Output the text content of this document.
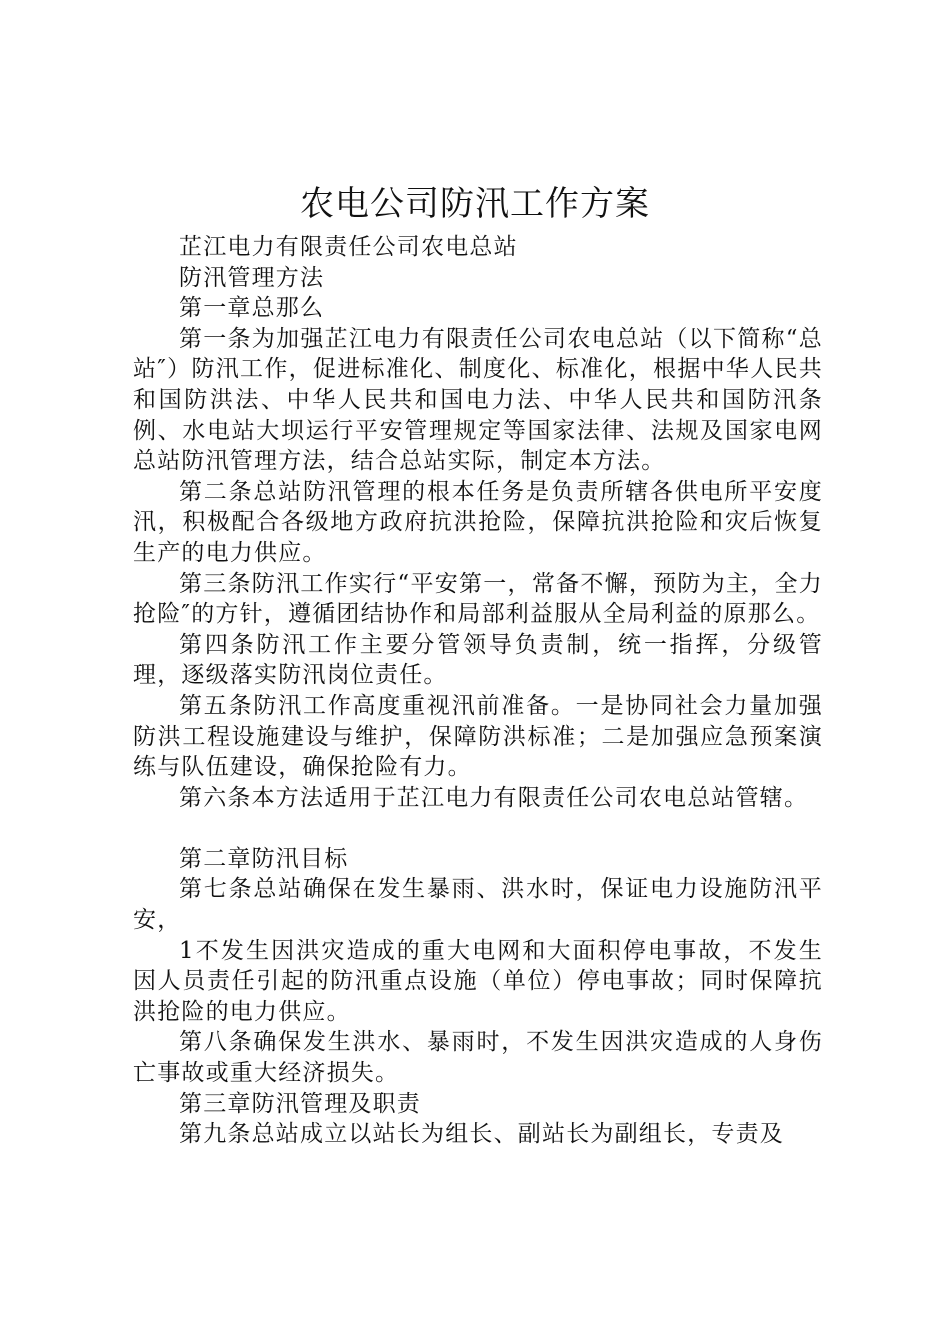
农电公司防汛工作方案

芷江电力有限责任公司农电总站

防汛管理方法

第一章总那么

第一条为加强芷江电力有限责任公司农电总站（以下简称“总站″）防汛工作，促进标准化、制度化、标准化，根据中华人民共和国防洪法、中华人民共和国电力法、中华人民共和国防汛条例、水电站大坝运行平安管理规定等国家法律、法规及国家电网总站防汛管理方法，结合总站实际，制定本方法。

第二条总站防汛管理的根本任务是负责所辖各供电所平安度汛，积极配合各级地方政府抗洪抢险，保障抗洪抢险和灾后恢复生产的电力供应。

第三条防汛工作实行“平安第一，常备不懈，预防为主，全力抢险″的方针，遵循团结协作和局部利益服从全局利益的原那么。

第四条防汛工作主要分管领导负责制，统一指挥，分级管理，逐级落实防汛岗位责任。

第五条防汛工作高度重视汛前准备。一是协同社会力量加强防洪工程设施建设与维护，保障防洪标准；二是加强应急预案演练与队伍建设，确保抢险有力。

第六条本方法适用于芷江电力有限责任公司农电总站管辖。

第二章防汛目标

第七条总站确保在发生暴雨、洪水时，保证电力设施防汛平安，

1不发生因洪灾造成的重大电网和大面积停电事故，不发生因人员责任引起的防汛重点设施（单位）停电事故；同时保障抗洪抢险的电力供应。

第八条确保发生洪水、暴雨时，不发生因洪灾造成的人身伤亡事故或重大经济损失。

第三章防汛管理及职责

第九条总站成立以站长为组长、副站长为副组长，专责及
